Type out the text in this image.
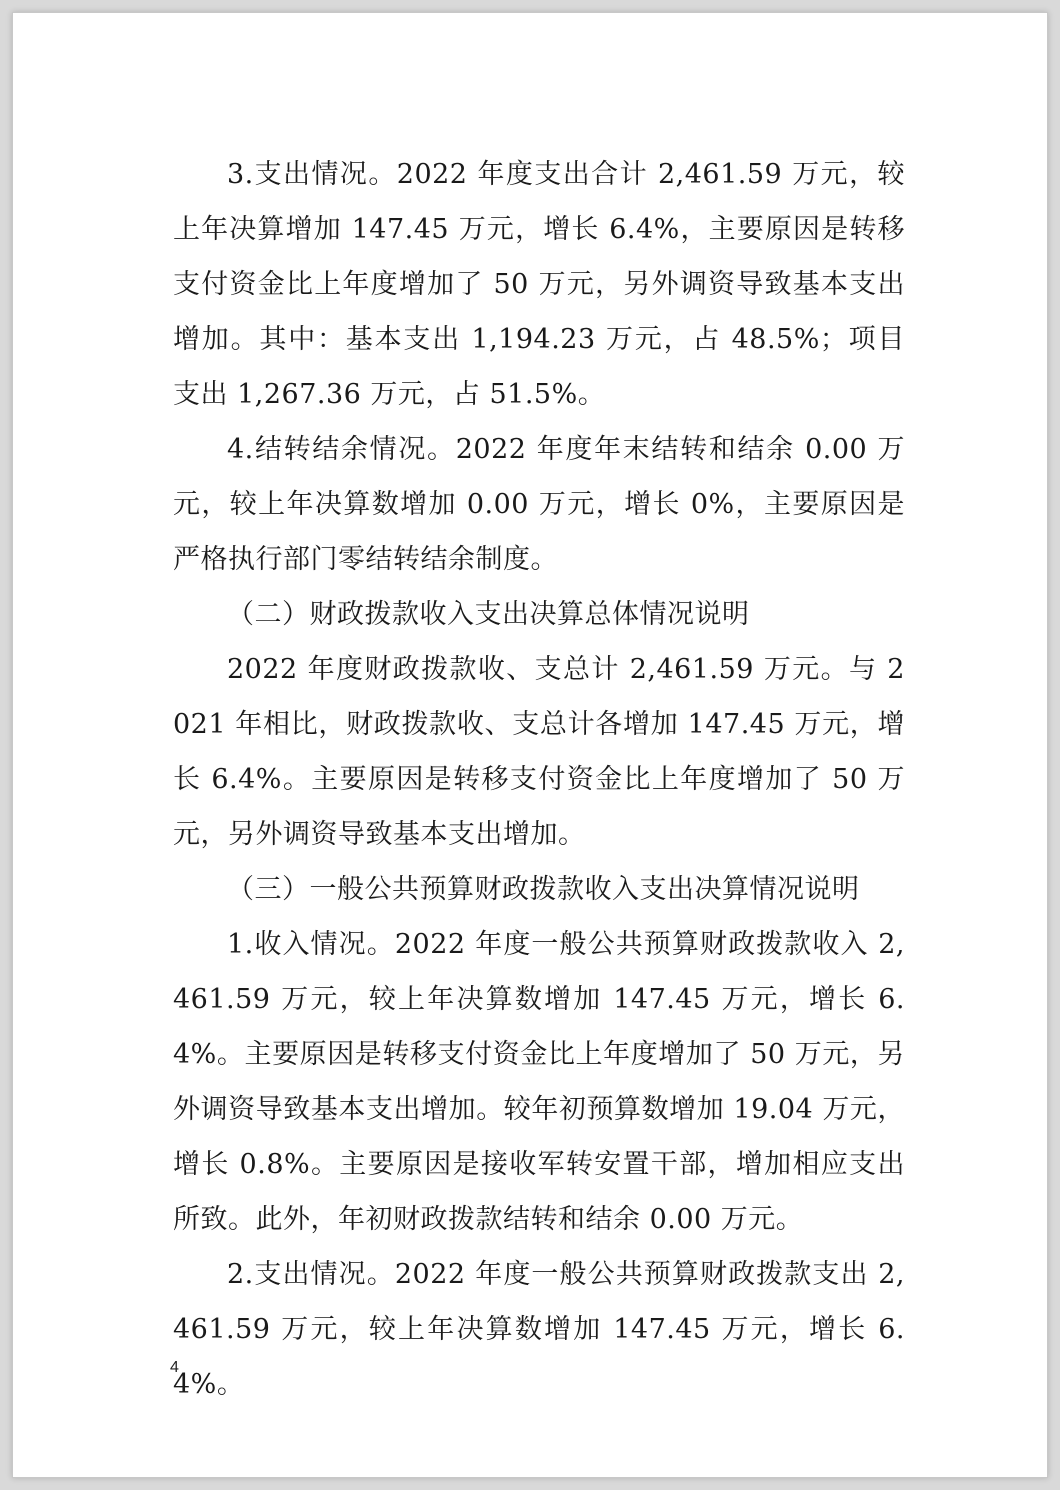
3.支出情况。2022 年度支出合计 2,461.59 万元，较上年决算增加 147.45 万元，增长 6.4%，主要原因是转移支付资金比上年度增加了 50 万元，另外调资导致基本支出增加。其中：基本支出 1,194.23 万元，占 48.5%；项目支出 1,267.36 万元，占 51.5%。

4.结转结余情况。2022 年度年末结转和结余 0.00 万元，较上年决算数增加 0.00 万元，增长 0%，主要原因是严格执行部门零结转结余制度。

（二）财政拨款收入支出决算总体情况说明

2022 年度财政拨款收、支总计 2,461.59 万元。与 2021 年相比，财政拨款收、支总计各增加 147.45 万元，增长 6.4%。主要原因是转移支付资金比上年度增加了 50 万元，另外调资导致基本支出增加。

（三）一般公共预算财政拨款收入支出决算情况说明

1.收入情况。2022 年度一般公共预算财政拨款收入 2,461.59 万元，较上年决算数增加 147.45 万元，增长 6.4%。主要原因是转移支付资金比上年度增加了 50 万元，另外调资导致基本支出增加。较年初预算数增加 19.04 万元，增长 0.8%。主要原因是接收军转安置干部，增加相应支出所致。此外，年初财政拨款结转和结余 0.00 万元。

2.支出情况。2022 年度一般公共预算财政拨款支出 2,461.59 万元，较上年决算数增加 147.45 万元，增长 6.4%。

4
